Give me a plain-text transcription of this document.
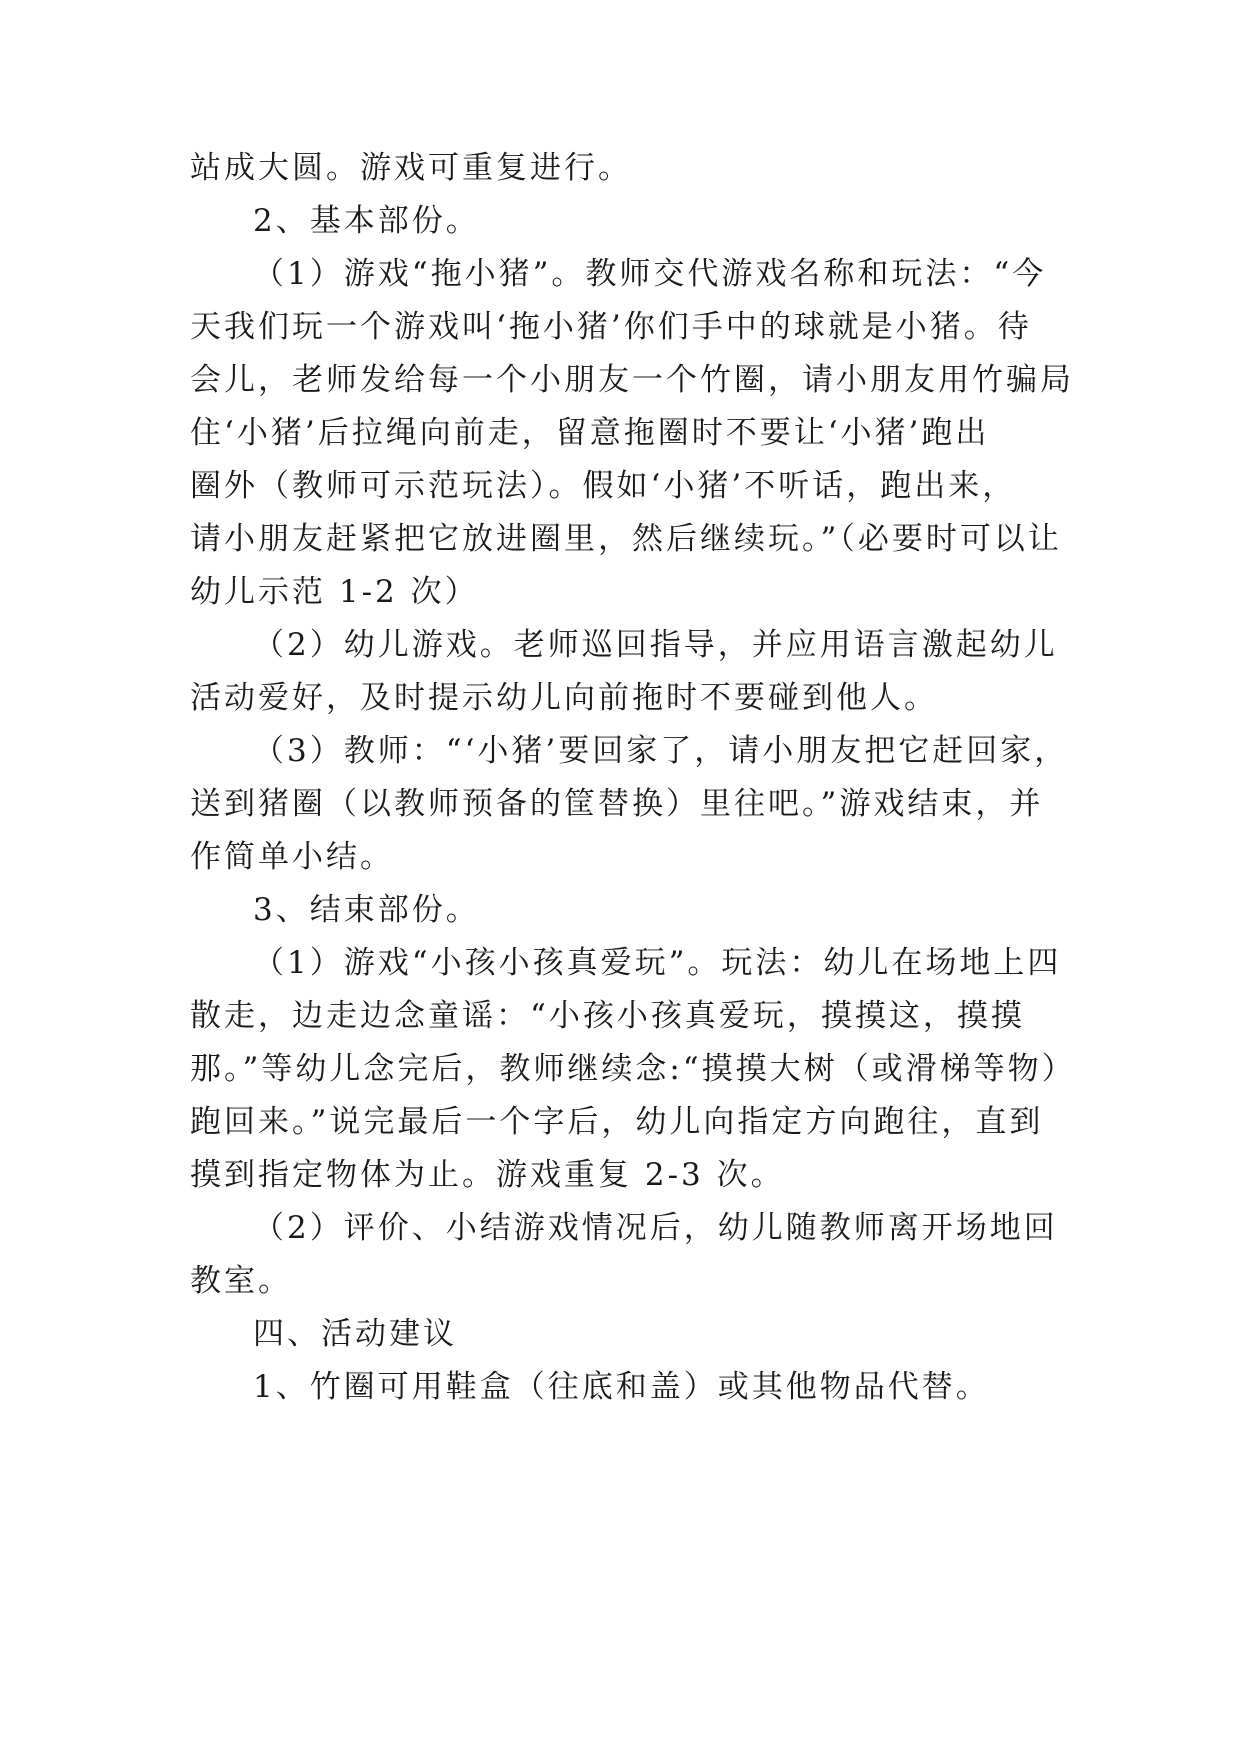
站成大圆。游戏可重复进行。
2、基本部份。
（1）游戏“拖小猪”。教师交代游戏名称和玩法：“今
天我们玩一个游戏叫‘拖小猪’你们手中的球就是小猪。待
会儿，老师发给每一个小朋友一个竹圈，请小朋友用竹骗局
住‘小猪’后拉绳向前走，留意拖圈时不要让‘小猪’跑出
圈外（教师可示范玩法）。假如‘小猪’不听话，跑出来，
请小朋友赶紧把它放进圈里，然后继续玩。”（必要时可以让
幼儿示范 1-2 次）
（2）幼儿游戏。老师巡回指导，并应用语言激起幼儿
活动爱好，及时提示幼儿向前拖时不要碰到他人。
（3）教师：“‘小猪’要回家了，请小朋友把它赶回家，
送到猪圈（以教师预备的筐替换）里往吧。”游戏结束，并
作简单小结。
3、结束部份。
（1）游戏“小孩小孩真爱玩”。玩法：幼儿在场地上四
散走，边走边念童谣：“小孩小孩真爱玩，摸摸这，摸摸
那。”等幼儿念完后，教师继续念:“摸摸大树（或滑梯等物）
跑回来。”说完最后一个字后，幼儿向指定方向跑往，直到
摸到指定物体为止。游戏重复 2-3 次。
（2）评价、小结游戏情况后，幼儿随教师离开场地回
教室。
四、活动建议
1、竹圈可用鞋盒（往底和盖）或其他物品代替。
